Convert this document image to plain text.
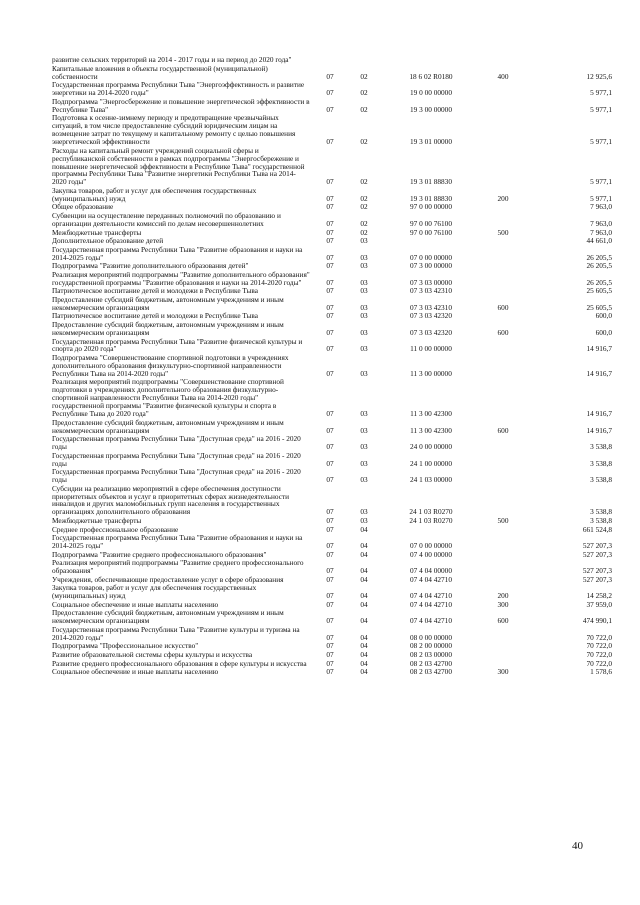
развитие сельских территорий на 2014 - 2017 годы и на период до 2020 года"					
Капитальные вложения в объекты государственной (муниципальной) собственности	07	02	18 6 02 R0180	400	12 925,6
Государственная программа Республики Тыва "Энергоэффективность и развитие энергетики на 2014-2020 годы"	07	02	19 0 00 00000		5 977,1
Подпрограмма "Энергосбережение и повышение энергетической эффективности в Республике Тыва"	07	02	19 3 00 00000		5 977,1
Подготовка к осенне-зимнему периоду и предотвращение чрезвычайных ситуаций, в том числе предоставление субсидий юридическим лицам на возмещение затрат по текущему и капитальному ремонту с целью повышения энергетической эффективности	07	02	19 3 01 00000		5 977,1
Расходы на капитальный ремонт учреждений социальной сферы и республиканской собственности в рамках подпрограммы "Энергосбережение и повышение энергетической эффективности в Республике Тыва" государственной программы Республики Тыва "Развитие энергетики Республики Тыва на 2014-2020 годы"	07	02	19 3 01 88830		5 977,1
Закупка товаров, работ и услуг для обеспечения государственных (муниципальных) нужд	07	02	19 3 01 88830	200	5 977,1
Общее образование	07	02	97 0 00 00000		7 963,0
Субвенции на осуществление переданных полномочий по образованию и организации деятельности комиссий по делам несовершеннолетних	07	02	97 0 00 76100		7 963,0
Межбюджетные трансферты	07	02	97 0 00 76100	500	7 963,0
Дополнительное образование детей	07	03			44 661,0
Государственная программа Республики Тыва "Развитие образования и науки на 2014-2025 годы"	07	03	07 0 00 00000		26 205,5
Подпрограмма "Развитие дополнительного образования детей"	07	03	07 3 00 00000		26 205,5
Реализация мероприятий подпрограммы "Развитие дополнительного образования" государственной программы "Развитие образования и науки на 2014-2020 годы"	07	03	07 3 03 00000		26 205,5
Патриотическое воспитание детей и молодежи в Республике Тыва	07	03	07 3 03 42310		25 605,5
Предоставление субсидий бюджетным, автономным учреждениям и иным некоммерческим организациям	07	03	07 3 03 42310	600	25 605,5
Патриотическое воспитание детей и молодежи в Республике Тыва	07	03	07 3 03 42320		600,0
Предоставление субсидий бюджетным, автономным учреждениям и иным некоммерческим организациям	07	03	07 3 03 42320	600	600,0
Государственная программа Республики Тыва "Развитие физической культуры и спорта до 2020 года"	07	03	11 0 00 00000		14 916,7
Подпрограмма "Совершенствование спортивной подготовки в учреждениях дополнительного образования физкультурно-спортивной направленности Республики Тыва на 2014-2020 годы"	07	03	11 3 00 00000		14 916,7
Реализация мероприятий подпрограммы "Совершенствование спортивной подготовки в учреждениях дополнительного образования физкультурно-спортивной направленности Республики Тыва на 2014-2020 годы" государственной программы "Развитие физической культуры и спорта в Республике Тыва до 2020 года"	07	03	11 3 00 42300		14 916,7
Предоставление субсидий бюджетным, автономным учреждениям и иным некоммерческим организациям	07	03	11 3 00 42300	600	14 916,7
Государственная программа Республики Тыва "Доступная среда" на 2016 - 2020 годы	07	03	24 0 00 00000		3 538,8
Государственная программа Республики Тыва "Доступная среда" на 2016 - 2020 годы	07	03	24 1 00 00000		3 538,8
Государственная программа Республики Тыва "Доступная среда" на 2016 - 2020 годы	07	03	24 1 03 00000		3 538,8
Субсидии на реализацию мероприятий в сфере обеспечения доступности приоритетных объектов и услуг в приоритетных сферах жизнедеятельности инвалидов и других маломобильных групп населения в государственных организациях дополнительного образования	07	03	24 1 03 R0270		3 538,8
Межбюджетные трансферты	07	03	24 1 03 R0270	500	3 538,8
Среднее профессиональное образование	07	04			661 524,8
Государственная программа Республики Тыва "Развитие образования и науки на 2014-2025 годы"	07	04	07 0 00 00000		527 207,3
Подпрограмма "Развитие среднего профессионального образования"	07	04	07 4 00 00000		527 207,3
Реализация мероприятий подпрограммы "Развитие среднего профессионального образования"	07	04	07 4 04 00000		527 207,3
Учреждения, обеспечивающие предоставление услуг в сфере образования	07	04	07 4 04 42710		527 207,3
Закупка товаров, работ и услуг для обеспечения государственных (муниципальных) нужд	07	04	07 4 04 42710	200	14 258,2
Социальное обеспечение и иные выплаты населению	07	04	07 4 04 42710	300	37 959,0
Предоставление субсидий бюджетным, автономным учреждениям и иным некоммерческим организациям	07	04	07 4 04 42710	600	474 990,1
Государственная программа Республики Тыва "Развитие культуры и туризма на 2014-2020 годы"	07	04	08 0 00 00000		70 722,0
Подпрограмма "Профессиональное искусство"	07	04	08 2 00 00000		70 722,0
Развитие образовательной системы сферы культуры и искусства	07	04	08 2 03 00000		70 722,0
Развитие среднего профессионального образования в сфере культуры и искусства	07	04	08 2 03 42700		70 722,0
Социальное обеспечение и иные выплаты населению	07	04	08 2 03 42700	300	1 578,6
40
